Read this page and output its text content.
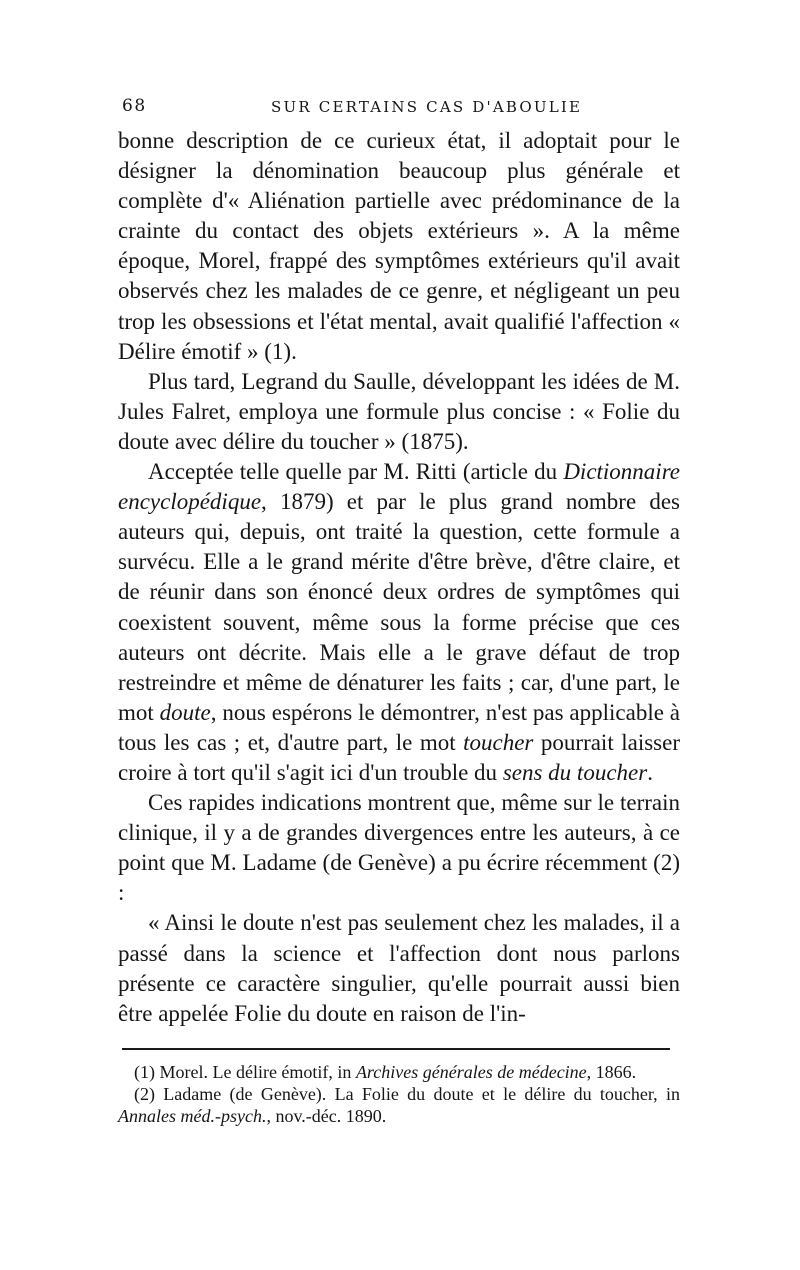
68	SUR CERTAINS CAS D'ABOULIE

bonne description de ce curieux état, il adoptait pour le désigner la dénomination beaucoup plus générale et complète d'« Aliénation partielle avec prédominance de la crainte du contact des objets extérieurs ». A la même époque, Morel, frappé des symptômes extérieurs qu'il avait observés chez les malades de ce genre, et négligeant un peu trop les obsessions et l'état mental, avait qualifié l'affection « Délire émotif » (1).

Plus tard, Legrand du Saulle, développant les idées de M. Jules Falret, employa une formule plus concise : « Folie du doute avec délire du toucher » (1875).

Acceptée telle quelle par M. Ritti (article du Dictionnaire encyclopédique, 1879) et par le plus grand nombre des auteurs qui, depuis, ont traité la question, cette formule a survécu. Elle a le grand mérite d'être brève, d'être claire, et de réunir dans son énoncé deux ordres de symptômes qui coexistent souvent, même sous la forme précise que ces auteurs ont décrite. Mais elle a le grave défaut de trop restreindre et même de dénaturer les faits ; car, d'une part, le mot doute, nous espérons le démontrer, n'est pas applicable à tous les cas ; et, d'autre part, le mot toucher pourrait laisser croire à tort qu'il s'agit ici d'un trouble du sens du toucher.

Ces rapides indications montrent que, même sur le terrain clinique, il y a de grandes divergences entre les auteurs, à ce point que M. Ladame (de Genève) a pu écrire récemment (2) :

« Ainsi le doute n'est pas seulement chez les malades, il a passé dans la science et l'affection dont nous parlons présente ce caractère singulier, qu'elle pourrait aussi bien être appelée Folie du doute en raison de l'in-

(1) Morel. Le délire émotif, in Archives générales de médecine, 1866.

(2) Ladame (de Genève). La Folie du doute et le délire du toucher, in Annales méd.-psych., nov.-déc. 1890.
